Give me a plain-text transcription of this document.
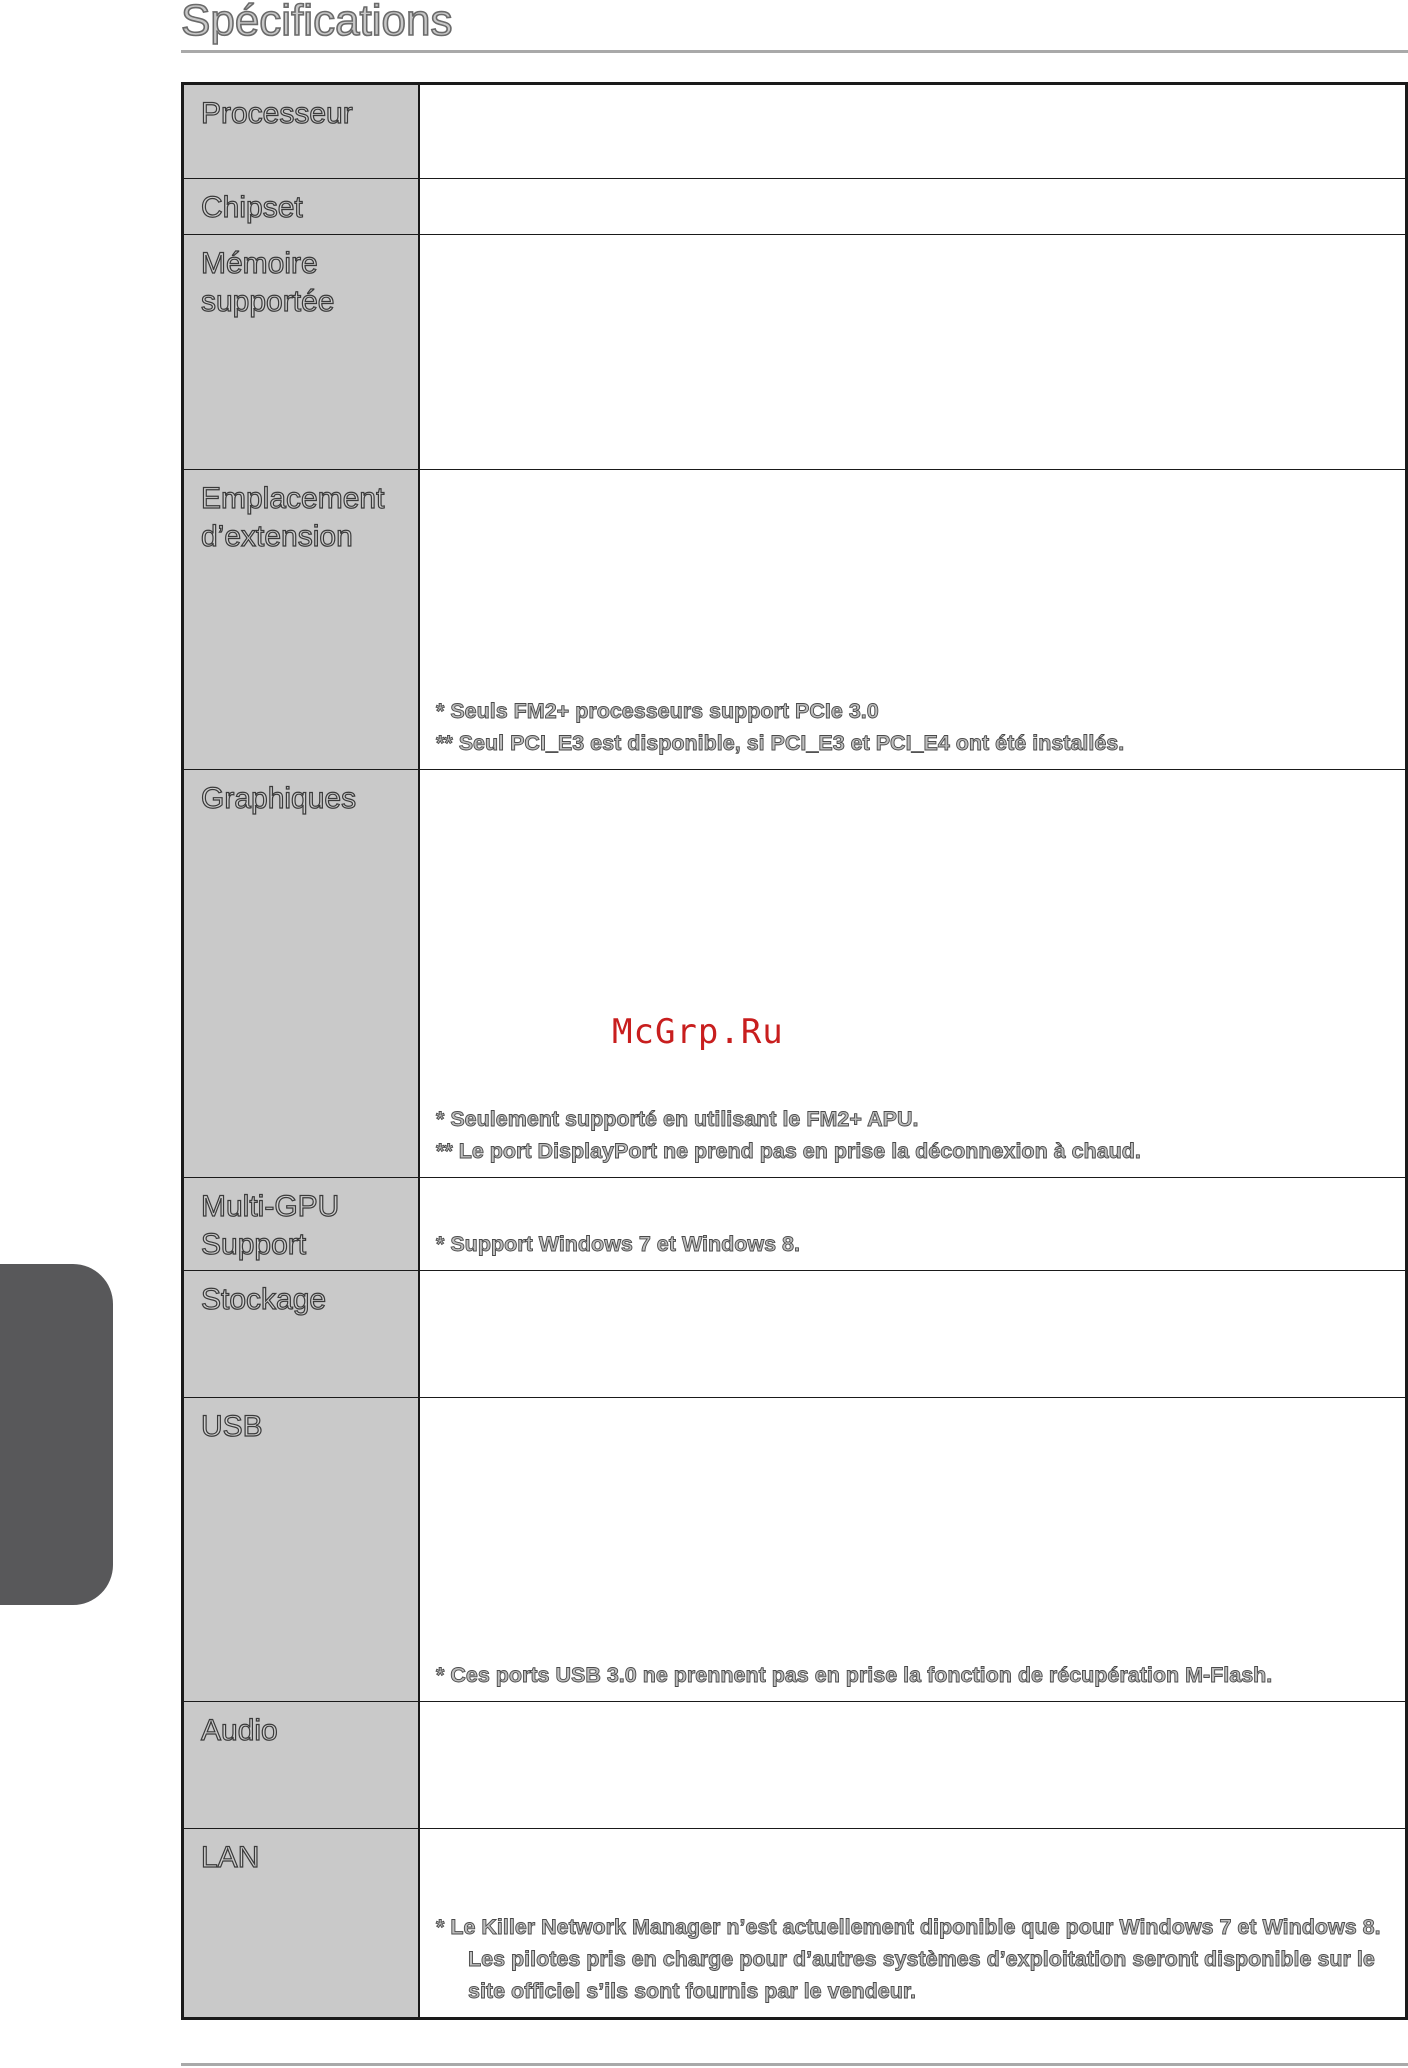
Spécifications
Processeur
Chipset
Mémoire
supportée
Emplacement
d’extension
* Seuls FM2+ processeurs support PCIe 3.0
** Seul PCI_E3 est disponible, si PCI_E3 et PCI_E4 ont été installés.
Graphiques
* Seulement supporté en utilisant le FM2+ APU.
** Le port DisplayPort ne prend pas en prise la déconnexion à chaud.
Multi-GPU
Support	* Support Windows 7 et Windows 8.
Stockage
USB
* Ces ports USB 3.0 ne prennent pas en prise la fonction de récupération M-Flash.
Audio
LAN
* Le Killer Network Manager n’est actuellement diponible que pour Windows 7 et Windows 8. Les pilotes pris en charge pour d’autres systèmes d’exploitation seront disponible sur le site officiel s’ils sont fournis par le vendeur.
McGrp.Ru
